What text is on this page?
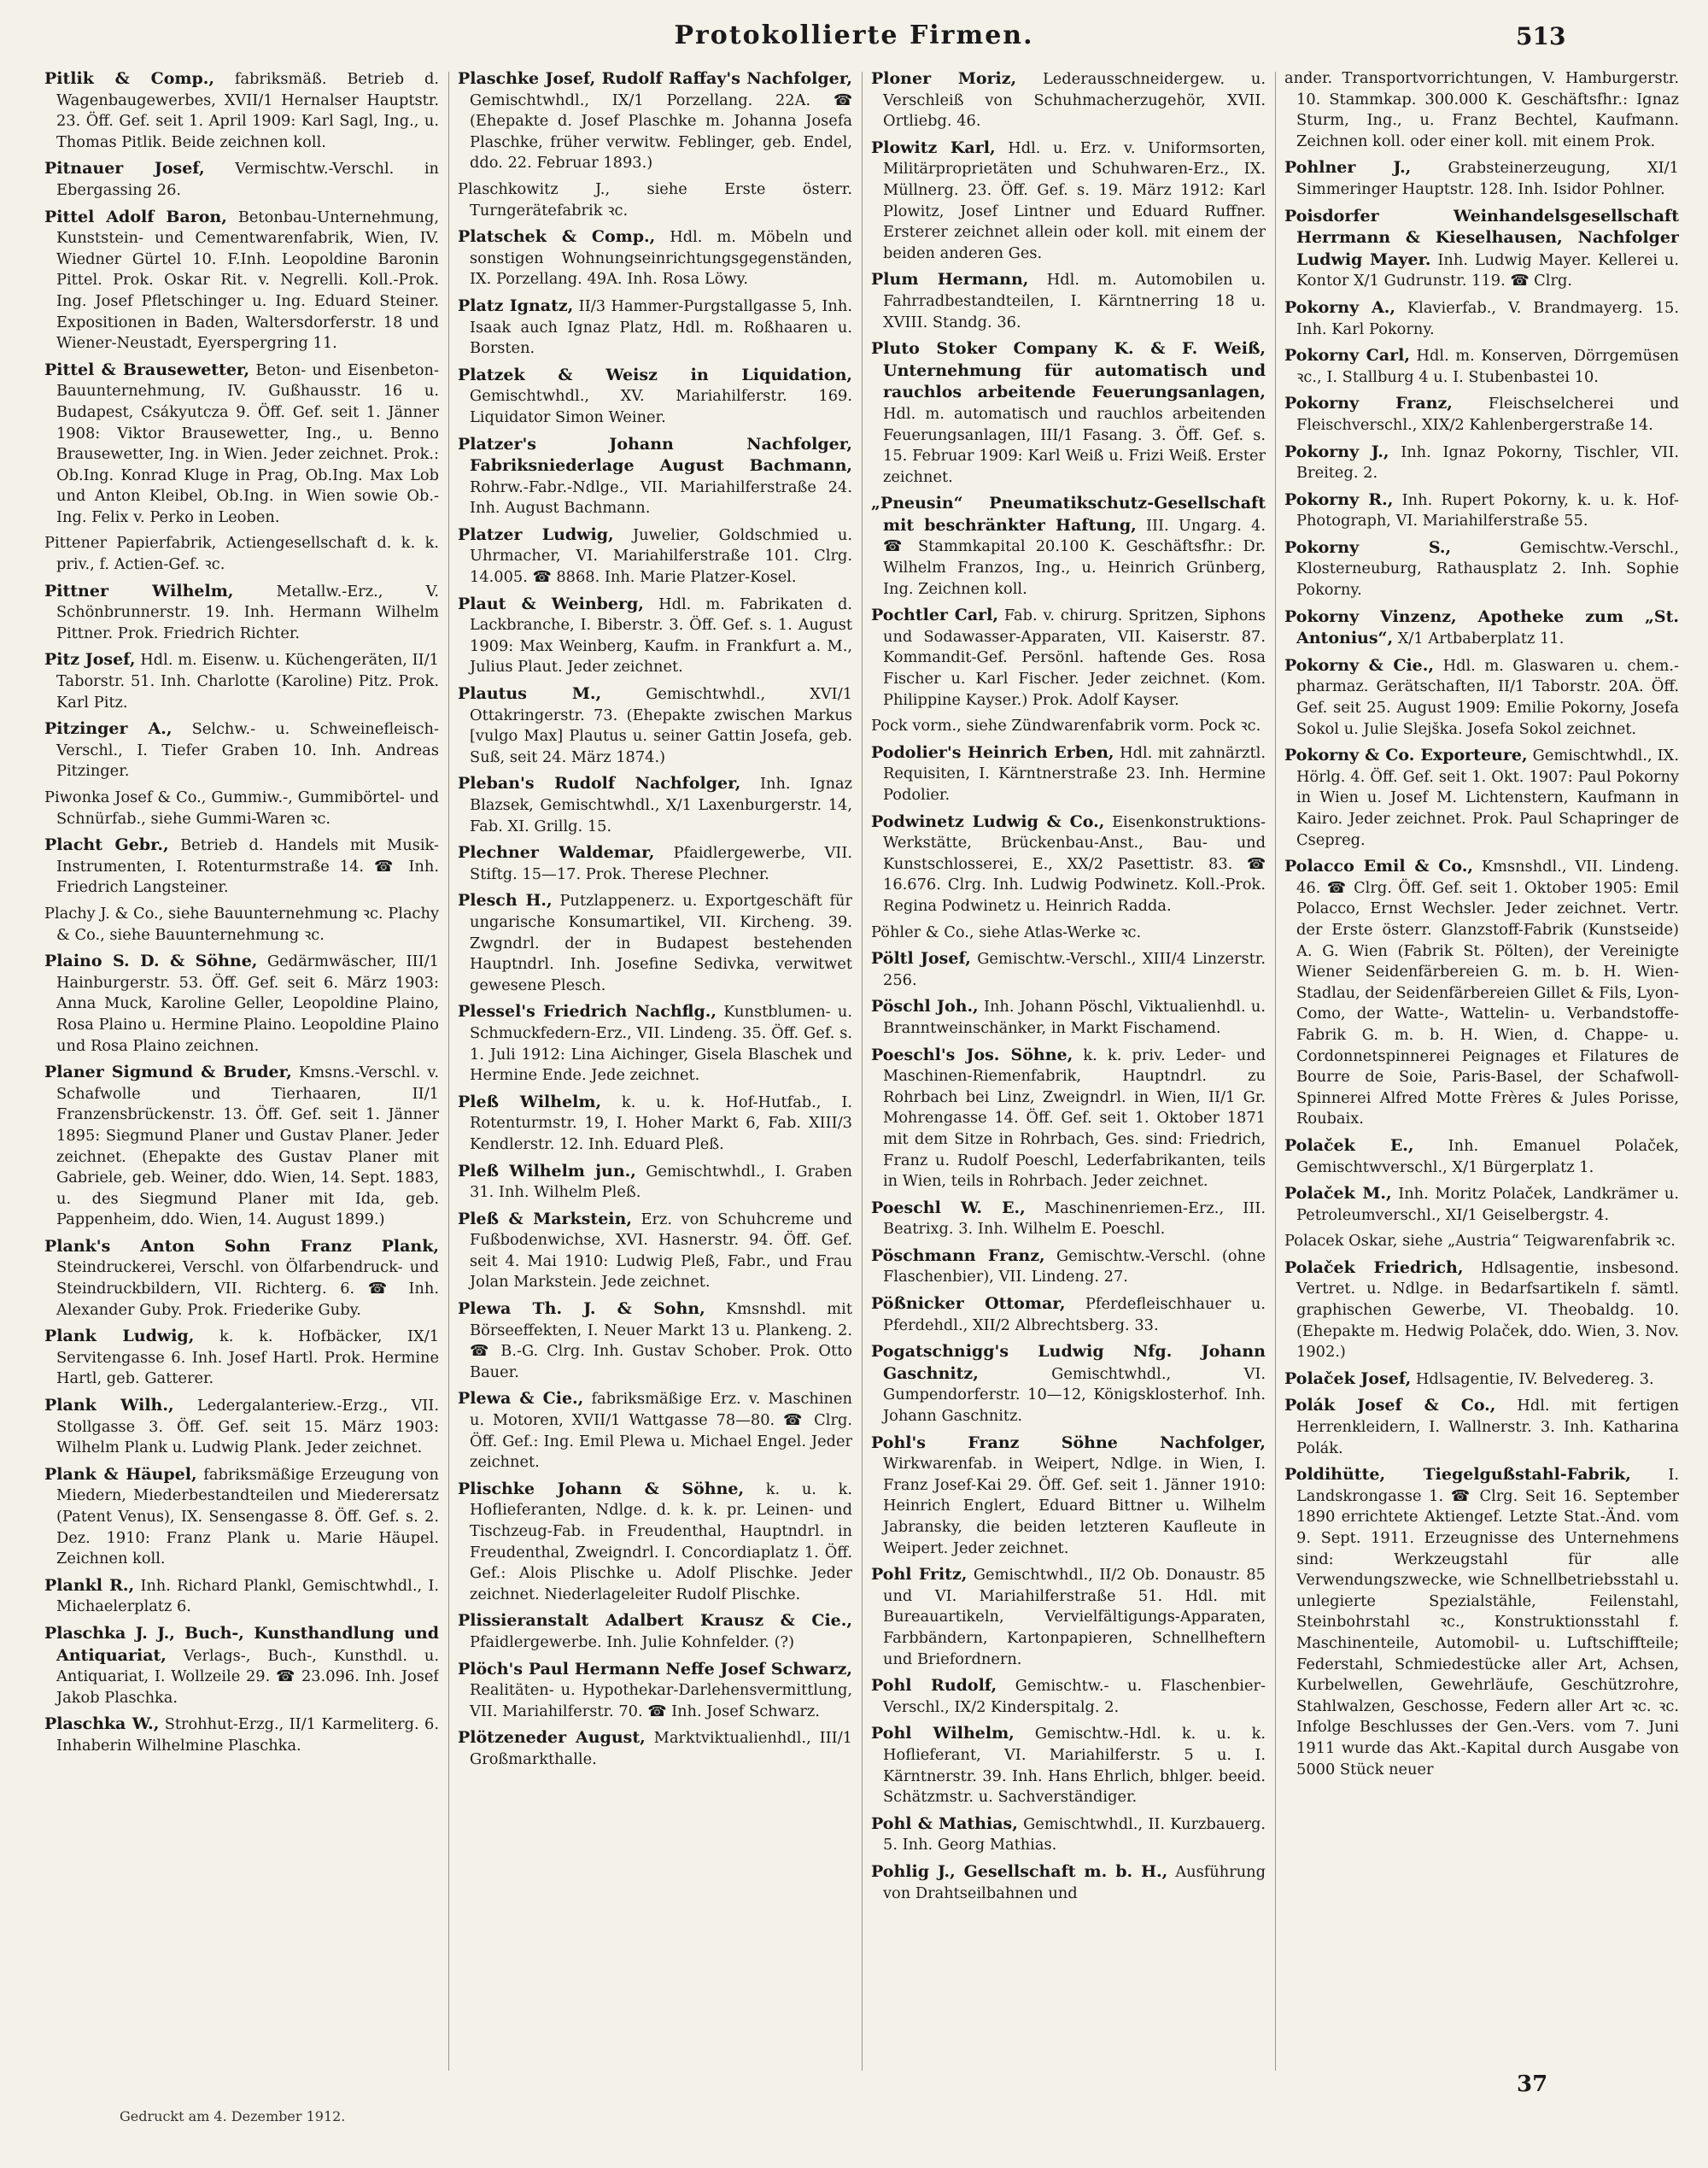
Protokollierte Firmen.	513

Pitlik & Comp., fabriksmäß. Betrieb d. Wagenbaugewerbes, XVII/1 Hernalser Hauptstr. 23. Öff. Gef. seit 1. April 1909: Karl Sagl, Ing., u. Thomas Pitlik. Beide zeichnen koll.

Pitnauer Josef, Vermischtw.-Verschl. in Ebergassing 26.

Pittel Adolf Baron, Betonbau-Unternehmung, Kunststein- und Cementwarenfabrik, Wien, IV. Wiedner Gürtel 10. F.Inh. Leopoldine Baronin Pittel. Prok. Oskar Rit. v. Negrelli. Koll.-Prok. Ing. Josef Pfletschinger u. Ing. Eduard Steiner. Expositionen in Baden, Waltersdorferstr. 18 und Wiener-Neustadt, Eyerspergring 11.

Pittel & Brausewetter, Beton- und Eisenbeton-Bauunternehmung, IV. Gußhausstr. 16 u. Budapest, Csákyutcza 9. Öff. Gef. seit 1. Jänner 1908: Viktor Brausewetter, Ing., u. Benno Brausewetter, Ing. in Wien. Jeder zeichnet. Prok.: Ob.Ing. Konrad Kluge in Prag, Ob.Ing. Max Lob und Anton Kleibel, Ob.Ing. in Wien sowie Ob.-Ing. Felix v. Perko in Leoben.

Pittener Papierfabrik, Actiengesellschaft d. k. k. priv., f. Actien-Gef. ꝛc.

Pittner Wilhelm,	Metallw.-Erz., V. Schönbrunnerstr. 19. Inh. Hermann Wilhelm Pittner. Prok. Friedrich Richter.

Pitz Josef, Hdl. m. Eisenw. u. Küchengeräten, II/1 Taborstr. 51. Inh. Charlotte (Karoline) Pitz. Prok. Karl Pitz.

Pitzinger A., Selchw.- u. Schweinefleisch-Verschl., I. Tiefer Graben 10. Inh. Andreas Pitzinger.

Piwonka Josef & Co., Gummiw.-, Gummibörtel- und Schnürfab., siehe Gummi-Waren ꝛc.

Placht Gebr., Betrieb d. Handels mit Musik-Instrumenten, I. Rotenturmstraße 14. ☎ Inh. Friedrich Langsteiner.

Plachy J. & Co., siehe Bauunternehmung ꝛc. Plachy & Co., siehe Bauunternehmung ꝛc.

Plaino S. D. & Söhne, Gedärmwäscher, III/1 Hainburgerstr. 53. Öff. Gef. seit 6. März 1903: Anna Muck, Karoline Geller, Leopoldine Plaino, Rosa Plaino u. Hermine Plaino. Leopoldine Plaino und Rosa Plaino zeichnen.

Planer Sigmund & Bruder, Kmsns.-Verschl. v. Schafwolle und Tierhaaren, II/1 Franzensbrückenstr. 13. Öff. Gef. seit 1. Jänner 1895: Siegmund Planer und Gustav Planer. Jeder zeichnet. (Ehepakte des Gustav Planer mit Gabriele, geb. Weiner, ddo. Wien, 14. Sept. 1883, u. des Siegmund Planer mit Ida, geb. Pappenheim, ddo. Wien, 14. August 1899.)

Plank's Anton Sohn Franz Plank, Steindruckerei, Verschl. von Ölfarbendruck- und Steindruckbildern, VII. Richterg. 6. ☎ Inh. Alexander Guby. Prok. Friederike Guby.

Plank Ludwig, k. k. Hofbäcker, IX/1 Servitengasse 6. Inh. Josef Hartl. Prok. Hermine Hartl, geb. Gatterer.

Plank Wilh., Ledergalanteriew.-Erzg., VII. Stollgasse 3. Öff. Gef. seit 15. März 1903: Wilhelm Plank u. Ludwig Plank. Jeder zeichnet.

Plank & Häupel, fabriksmäßige Erzeugung von Miedern, Miederbestandteilen und Miederersatz (Patent Venus), IX. Sensengasse 8. Öff. Gef. s. 2. Dez. 1910: Franz Plank u. Marie Häupel. Zeichnen koll.

Plankl R., Inh. Richard Plankl, Gemischtwhdl., I. Michaelerplatz 6.

Plaschka J. J., Buch-, Kunsthandlung und Antiquariat, Verlags-, Buch-, Kunsthdl. u. Antiquariat, I. Wollzeile 29. ☎ 23.096. Inh. Josef Jakob Plaschka.

Plaschka W., Strohhut-Erzg., II/1 Karmeliterg. 6. Inhaberin Wilhelmine Plaschka.

Plaschke Josef, Rudolf Raffay's Nachfolger, Gemischtwhdl., IX/1 Porzellang. 22A. ☎ (Ehepakte d. Josef Plaschke m. Johanna Josefa Plaschke, früher verwitw. Feblinger, geb. Endel, ddo. 22. Februar 1893.)

Plaschkowitz J., siehe Erste österr. Turngerätefabrik ꝛc.

Platschek & Comp., Hdl. m. Möbeln und sonstigen Wohnungseinrichtungsgegenständen, IX. Porzellang. 49A. Inh. Rosa Löwy.

Platz Ignatz, II/3 Hammer-Purgstallgasse 5, Inh. Isaak auch Ignaz Platz, Hdl. m. Roßhaaren u. Borsten.

Platzek & Weisz in Liquidation, Gemischtwhdl., XV. Mariahilferstr. 169. Liquidator Simon Weiner.

Platzer's Johann Nachfolger, Fabriksniederlage August Bachmann, Rohrw.-Fabr.-Ndlge., VII. Mariahilferstraße 24. Inh. August Bachmann.

Platzer Ludwig, Juwelier, Goldschmied u. Uhrmacher, VI. Mariahilferstraße 101. Clrg. 14.005. ☎ 8868. Inh. Marie Platzer-Kosel.

Plaut & Weinberg, Hdl. m. Fabrikaten d. Lackbranche, I. Biberstr. 3. Öff. Gef. s. 1. August 1909: Max Weinberg, Kaufm. in Frankfurt a. M., Julius Plaut. Jeder zeichnet.

Plautus M.,	Gemischtwhdl., XVI/1 Ottakringerstr. 73. (Ehepakte zwischen Markus [vulgo Max] Plautus u. seiner Gattin Josefa, geb. Suß, seit 24. März 1874.)

Pleban's Rudolf Nachfolger, Inh. Ignaz Blazsek, Gemischtwhdl., X/1 Laxenburgerstr. 14, Fab. XI. Grillg. 15.

Plechner Waldemar, Pfaidlergewerbe, VII. Stiftg. 15—17. Prok. Therese Plechner.

Plesch H., Putzlappenerz. u. Exportgeschäft für ungarische Konsumartikel, VII. Kircheng. 39. Zwgndrl. der in Budapest bestehenden Hauptndrl. Inh. Josefine Sedivka, verwitwet gewesene Plesch.

Plessel's Friedrich Nachflg., Kunstblumen- u. Schmuckfedern-Erz., VII. Lindeng. 35. Öff. Gef. s. 1. Juli 1912: Lina Aichinger, Gisela Blaschek und Hermine Ende. Jede zeichnet.

Pleß Wilhelm, k. u. k. Hof-Hutfab., I. Rotenturmstr. 19, I. Hoher Markt 6, Fab. XIII/3 Kendlerstr. 12. Inh. Eduard Pleß.

Pleß Wilhelm jun., Gemischtwhdl., I. Graben 31. Inh. Wilhelm Pleß.

Pleß & Markstein, Erz. von Schuhcreme und Fußbodenwichse, XVI. Hasnerstr. 94. Öff. Gef. seit 4. Mai 1910: Ludwig Pleß, Fabr., und Frau Jolan Markstein. Jede zeichnet.

Plewa Th. J. & Sohn, Kmsnshdl. mit Börseeffekten, I. Neuer Markt 13 u. Plankeng. 2. ☎ B.-G. Clrg. Inh. Gustav Schober. Prok. Otto Bauer.

Plewa & Cie., fabriksmäßige Erz. v. Maschinen u. Motoren, XVII/1 Wattgasse 78—80. ☎ Clrg. Öff. Gef.: Ing. Emil Plewa u. Michael Engel. Jeder zeichnet.

Plischke Johann & Söhne, k. u. k. Hoflieferanten, Ndlge. d. k. k. pr. Leinen- und Tischzeug-Fab. in Freudenthal, Hauptndrl. in Freudenthal, Zweigndrl. I. Concordiaplatz 1. Öff. Gef.: Alois Plischke u. Adolf Plischke. Jeder zeichnet. Niederlageleiter Rudolf Plischke.

Plissieranstalt Adalbert Krausz & Cie., Pfaidlergewerbe. Inh. Julie Kohnfelder. (?)

Plöch's Paul Hermann Neffe Josef Schwarz, Realitäten- u. Hypothekar-Darlehensvermittlung, VII. Mariahilferstr. 70. ☎ Inh. Josef Schwarz.

Plötzeneder August, Marktviktualienhdl., III/1 Großmarkthalle.

Ploner Moriz, Lederausschneidergew. u. Verschleiß von Schuhmacherzugehör, XVII. Ortliebg. 46.

Plowitz Karl, Hdl. u. Erz. v. Uniformsorten, Militärproprietäten und Schuhwaren-Erz., IX. Müllnerg. 23. Öff. Gef. s. 19. März 1912: Karl Plowitz, Josef Lintner und Eduard Ruffner. Ersterer zeichnet allein oder koll. mit einem der beiden anderen Ges.

Plum Hermann, Hdl. m. Automobilen u. Fahrradbestandteilen, I. Kärntnerring 18 u. XVIII. Standg. 36.

Pluto Stoker Company K. & F. Weiß, Unternehmung für automatisch und rauchlos arbeitende Feuerungsanlagen, Hdl. m. automatisch und rauchlos arbeitenden Feuerungsanlagen, III/1 Fasang. 3. Öff. Gef. s. 15. Februar 1909: Karl Weiß u. Frizi Weiß. Erster zeichnet.

„Pneusin“ Pneumatikschutz-Gesellschaft mit beschränkter Haftung, III. Ungarg. 4. ☎ Stammkapital 20.100 K. Geschäftsfhr.: Dr. Wilhelm Franzos, Ing., u. Heinrich Grünberg, Ing. Zeichnen koll.

Pochtler Carl, Fab. v. chirurg. Spritzen, Siphons und Sodawasser-Apparaten, VII. Kaiserstr. 87. Kommandit-Gef. Persönl. haftende Ges. Rosa Fischer u. Karl Fischer. Jeder zeichnet. (Kom. Philippine Kayser.) Prok. Adolf Kayser.

Pock vorm., siehe Zündwarenfabrik vorm. Pock ꝛc.

Podolier's Heinrich Erben, Hdl. mit zahnärztl. Requisiten, I. Kärntnerstraße 23. Inh. Hermine Podolier.

Podwinetz Ludwig & Co., Eisenkonstruktions-Werkstätte, Brückenbau-Anst., Bau- und Kunstschlosserei, E., XX/2 Pasettistr. 83. ☎ 16.676. Clrg. Inh. Ludwig Podwinetz. Koll.-Prok. Regina Podwinetz u. Heinrich Radda.

Pöhler & Co., siehe Atlas-Werke ꝛc.

Pöltl Josef, Gemischtw.-Verschl., XIII/4 Linzerstr. 256.

Pöschl Joh., Inh. Johann Pöschl, Viktualienhdl. u. Branntweinschänker, in Markt Fischamend.

Poeschl's Jos. Söhne, k. k. priv. Leder- und Maschinen-Riemenfabrik, Hauptndrl. zu Rohrbach bei Linz, Zweigndrl. in Wien, II/1 Gr. Mohrengasse 14. Öff. Gef. seit 1. Oktober 1871 mit dem Sitze in Rohrbach, Ges. sind: Friedrich, Franz u. Rudolf Poeschl, Lederfabrikanten, teils in Wien, teils in Rohrbach. Jeder zeichnet.

Poeschl W. E., Maschinenriemen-Erz., III. Beatrixg. 3. Inh. Wilhelm E. Poeschl.

Pöschmann Franz, Gemischtw.-Verschl. (ohne Flaschenbier), VII. Lindeng. 27.

Pößnicker Ottomar, Pferdefleischhauer u. Pferdehdl., XII/2 Albrechtsberg. 33.

Pogatschnigg's Ludwig Nfg. Johann Gaschnitz,	Gemischtwhdl., VI. Gumpendorferstr. 10—12, Königsklosterhof. Inh. Johann Gaschnitz.

Pohl's Franz Söhne Nachfolger, Wirkwarenfab. in Weipert, Ndlge. in Wien, I. Franz Josef-Kai 29. Öff. Gef. seit 1. Jänner 1910: Heinrich Englert, Eduard Bittner u. Wilhelm Jabransky, die beiden letzteren Kaufleute in Weipert. Jeder zeichnet.

Pohl Fritz, Gemischtwhdl., II/2 Ob. Donaustr. 85 und VI. Mariahilferstraße 51. Hdl. mit Bureauartikeln, Vervielfältigungs-Apparaten, Farbbändern, Kartonpapieren, Schnellheftern und Briefordnern.

Pohl Rudolf, Gemischtw.- u. Flaschenbier-Verschl., IX/2 Kinderspitalg. 2.

Pohl Wilhelm, Gemischtw.-Hdl. k. u. k. Hoflieferant, VI. Mariahilferstr. 5 u. I. Kärntnerstr. 39. Inh. Hans Ehrlich, bhlger. beeid. Schätzmstr. u. Sachverständiger.

Pohl & Mathias, Gemischtwhdl., II. Kurzbauerg. 5. Inh. Georg Mathias.

Pohlig J., Gesellschaft m. b. H., Ausführung von Drahtseilbahnen und

ander. Transportvorrichtungen, V. Hamburgerstr. 10. Stammkap. 300.000 K. Geschäftsfhr.: Ignaz Sturm, Ing., u. Franz Bechtel, Kaufmann. Zeichnen koll. oder einer koll. mit einem Prok.

Pohlner J., Grabsteinerzeugung, XI/1 Simmeringer Hauptstr. 128. Inh. Isidor Pohlner.

Poisdorfer Weinhandelsgesellschaft Herrmann & Kieselhausen, Nachfolger Ludwig Mayer. Inh. Ludwig Mayer. Kellerei u. Kontor X/1 Gudrunstr. 119. ☎ Clrg.

Pokorny A., Klavierfab., V. Brandmayerg. 15. Inh. Karl Pokorny.

Pokorny Carl, Hdl. m. Konserven, Dörrgemüsen ꝛc., I. Stallburg 4 u. I. Stubenbastei 10.

Pokorny Franz, Fleischselcherei und Fleischverschl., XIX/2 Kahlenbergerstraße 14.

Pokorny J., Inh. Ignaz Pokorny, Tischler, VII. Breiteg. 2.

Pokorny R., Inh. Rupert Pokorny, k. u. k. Hof-Photograph, VI. Mariahilferstraße 55.

Pokorny S.,	Gemischtw.-Verschl., Klosterneuburg, Rathausplatz 2. Inh. Sophie Pokorny.

Pokorny Vinzenz, Apotheke zum „St. Antonius“, X/1 Artbaberplatz 11.

Pokorny & Cie., Hdl. m. Glaswaren u. chem.-pharmaz. Gerätschaften, II/1 Taborstr. 20A. Öff. Gef. seit 25. August 1909: Emilie Pokorny, Josefa Sokol u. Julie Slejška. Josefa Sokol zeichnet.

Pokorny & Co. Exporteure, Gemischtwhdl., IX. Hörlg. 4. Öff. Gef. seit 1. Okt. 1907: Paul Pokorny in Wien u. Josef M. Lichtenstern, Kaufmann in Kairo. Jeder zeichnet. Prok. Paul Schapringer de Csepreg.

Polacco Emil & Co., Kmsnshdl., VII. Lindeng. 46. ☎ Clrg. Öff. Gef. seit 1. Oktober 1905: Emil Polacco, Ernst Wechsler. Jeder zeichnet. Vertr. der Erste österr. Glanzstoff-Fabrik (Kunstseide) A. G. Wien (Fabrik St. Pölten), der Vereinigte Wiener Seidenfärbereien G. m. b. H. Wien-Stadlau, der Seidenfärbereien Gillet & Fils, Lyon-Como, der Watte-, Wattelin- u. Verbandstoffe-Fabrik G. m. b. H. Wien, d. Chappe- u. Cordonnetspinnerei Peignages et Filatures de Bourre de Soie, Paris-Basel, der Schafwoll-Spinnerei Alfred Motte Frères & Jules Porisse, Roubaix.

Polaček E., Inh. Emanuel Polaček, Gemischtwverschl., X/1 Bürgerplatz 1.

Polaček M., Inh. Moritz Polaček, Landkrämer u. Petroleumverschl., XI/1 Geiselbergstr. 4.

Polacek Oskar, siehe „Austria“ Teigwarenfabrik ꝛc.

Polaček Friedrich, Hdlsagentie, insbesond. Vertret. u. Ndlge. in Bedarfsartikeln f. sämtl. graphischen Gewerbe, VI. Theobaldg. 10. (Ehepakte m. Hedwig Polaček, ddo. Wien, 3. Nov. 1902.)

Polaček Josef, Hdlsagentie, IV. Belvedereg. 3.

Polák Josef & Co., Hdl. mit fertigen Herrenkleidern, I. Wallnerstr. 3. Inh. Katharina Polák.

Poldihütte, Tiegelgußstahl-Fabrik, I. Landskrongasse 1. ☎ Clrg. Seit 16. September 1890 errichtete Aktiengef. Letzte Stat.-Änd. vom 9. Sept. 1911. Erzeugnisse des Unternehmens sind: Werkzeugstahl für alle Verwendungszwecke, wie Schnellbetriebsstahl u. unlegierte Spezialstähle, Feilenstahl, Steinbohrstahl ꝛc., Konstruktionsstahl f. Maschinenteile, Automobil- u. Luftschiffteile; Federstahl, Schmiedestücke aller Art, Achsen, Kurbelwellen, Gewehrläufe, Geschützrohre, Stahlwalzen, Geschosse, Federn aller Art ꝛc. ꝛc. Infolge Beschlusses der Gen.-Vers. vom 7. Juni 1911 wurde das Akt.-Kapital durch Ausgabe von 5000 Stück neuer

37
Gedruckt am 4. Dezember 1912.
